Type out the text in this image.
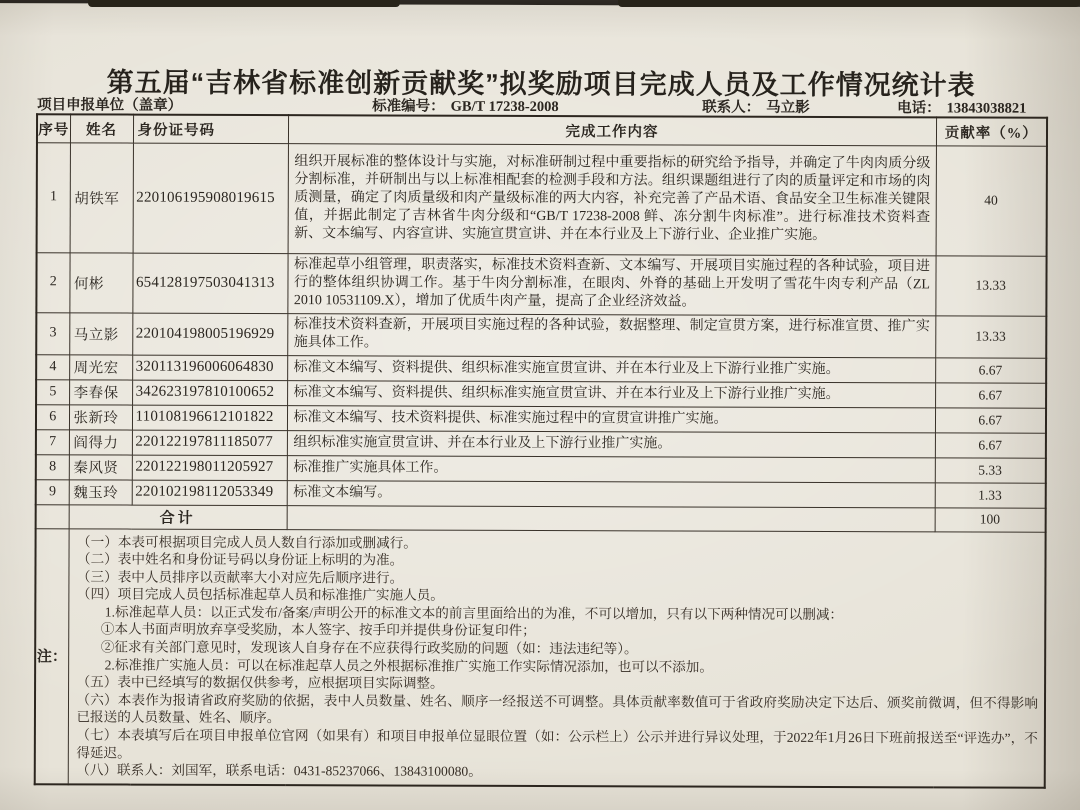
第五届“吉林省标准创新贡献奖”拟奖励项目完成人员及工作情况统计表
项目申报单位（盖章）	标准编号： GB/T 17238-2008	联系人： 马立影	电话： 13843038821
序号	姓名	身份证号码	完成工作内容	贡献率（%）
1	胡铁军	220106195908019615	组织开展标准的整体设计与实施，对标准研制过程中重要指标的研究给予指导，并确定了牛肉肉质分级分割标准，并研制出与以上标准相配套的检测手段和方法。组织课题组进行了肉的质量评定和市场的肉质测量，确定了肉质量级和肉产量级标准的两大内容，补充完善了产品术语、食品安全卫生标准关键限值，并据此制定了吉林省牛肉分级和“GB/T 17238-2008 鲜、冻分割牛肉标准”。进行标准技术资料查新、文本编写、内容宣讲、实施宣贯宣讲、并在本行业及上下游行业、企业推广实施。	40
2	何彬	654128197503041313	标准起草小组管理，职责落实，标准技术资料查新、文本编写、开展项目实施过程的各种试验，项目进行的整体组织协调工作。基于牛肉分割标准，在眼肉、外脊的基础上开发明了雪花牛肉专利产品（ZL 2010 10531109.X），增加了优质牛肉产量，提高了企业经济效益。	13.33
3	马立影	220104198005196929	标准技术资料查新，开展项目实施过程的各种试验，数据整理、制定宣贯方案，进行标准宣贯、推广实施具体工作。	13.33
4	周光宏	320113196006064830	标准文本编写、资料提供、组织标准实施宣贯宣讲、并在本行业及上下游行业推广实施。	6.67
5	李春保	342623197810100652	标准文本编写、资料提供、组织标准实施宣贯宣讲、并在本行业及上下游行业推广实施。	6.67
6	张新玲	110108196612101822	标准文本编写、技术资料提供、标准实施过程中的宣贯宣讲推广实施。	6.67
7	阎得力	220122197811185077	组织标准实施宣贯宣讲、并在本行业及上下游行业推广实施。	6.67
8	秦风贤	220122198011205927	标准推广实施具体工作。	5.33
9	魏玉玲	220102198112053349	标准文本编写。	1.33
	合计			100
注：	
（一）本表可根据项目完成人员人数自行添加或删减行。
（二）表中姓名和身份证号码以身份证上标明的为准。
（三）表中人员排序以贡献率大小对应先后顺序进行。
（四）项目完成人员包括标准起草人员和标准推广实施人员。
1.标准起草人员：以正式发布/备案/声明公开的标准文本的前言里面给出的为准，不可以增加，只有以下两种情况可以删减：
①本人书面声明放弃享受奖励，本人签字、按手印并提供身份证复印件；
②征求有关部门意见时，发现该人自身存在不应获得行政奖励的问题（如：违法违纪等）。
2.标准推广实施人员：可以在标准起草人员之外根据标准推广实施工作实际情况添加，也可以不添加。
（五）表中已经填写的数据仅供参考，应根据项目实际调整。
（六）本表作为报请省政府奖励的依据，表中人员数量、姓名、顺序一经报送不可调整。具体贡献率数值可于省政府奖励决定下达后、颁奖前微调，但不得影响已报送的人员数量、姓名、顺序。
（七）本表填写后在项目申报单位官网（如果有）和项目申报单位显眼位置（如：公示栏上）公示并进行异议处理，于2022年1月26日下班前报送至“评选办”，不得延迟。
（八）联系人：刘国军，联系电话：0431-85237066、13843100080。
